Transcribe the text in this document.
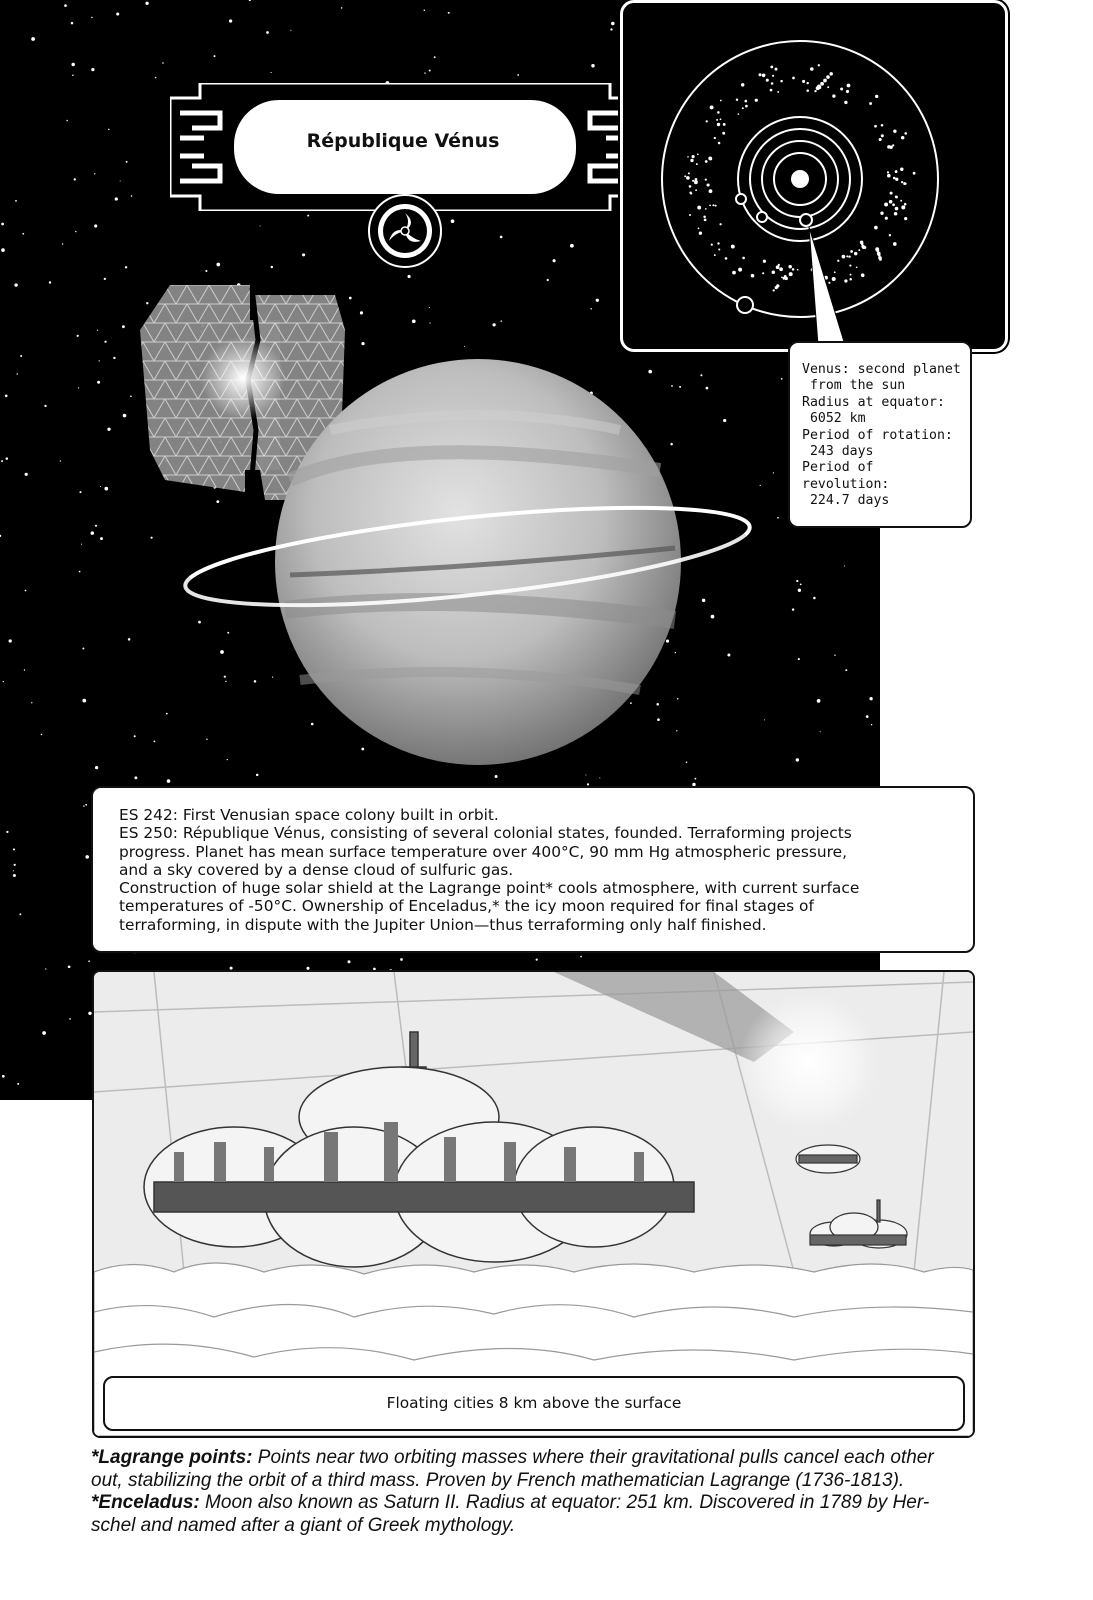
République Vénus
Venus: second planet
from the sun
Radius at equator:
6052 km
Period of rotation:
243 days
Period of
revolution:
224.7 days
ES 242: First Venusian space colony built in orbit.
ES 250: République Vénus, consisting of several colonial states, founded. Terraforming projects
progress. Planet has mean surface temperature over 400°C, 90 mm Hg atmospheric pressure,
and a sky covered by a dense cloud of sulfuric gas.
Construction of huge solar shield at the Lagrange point* cools atmosphere, with current surface
temperatures of -50°C. Ownership of Enceladus,* the icy moon required for final stages of
terraforming, in dispute with the Jupiter Union—thus terraforming only half finished.
Floating cities 8 km above the surface
*Lagrange points: Points near two orbiting masses where their gravitational pulls cancel each other
out, stabilizing the orbit of a third mass. Proven by French mathematician Lagrange (1736-1813).
*Enceladus: Moon also known as Saturn II. Radius at equator: 251 km. Discovered in 1789 by Her-
schel and named after a giant of Greek mythology.
